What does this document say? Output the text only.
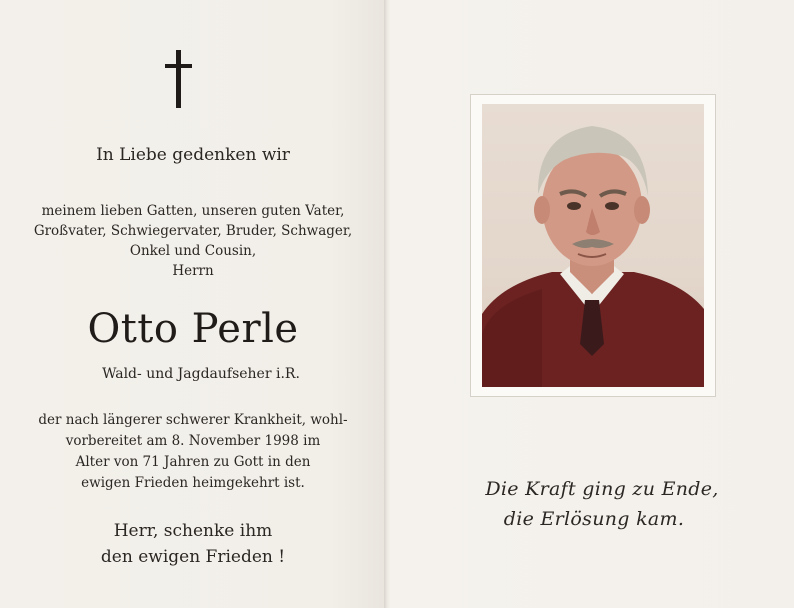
In Liebe gedenken wir

meinem lieben Gatten, unseren guten Vater,
Großvater, Schwiegervater, Bruder, Schwager,
Onkel und Cousin,
Herrn

Otto Perle

Wald- und Jagdaufseher i.R.

der nach längerer schwerer Krankheit, wohl-
vorbereitet am 8. November 1998 im
Alter von 71 Jahren zu Gott in den
ewigen Frieden heimgekehrt ist.
Herr, schenke ihm
den ewigen Frieden !
Die Kraft ging zu Ende,
die Erlösung kam.
